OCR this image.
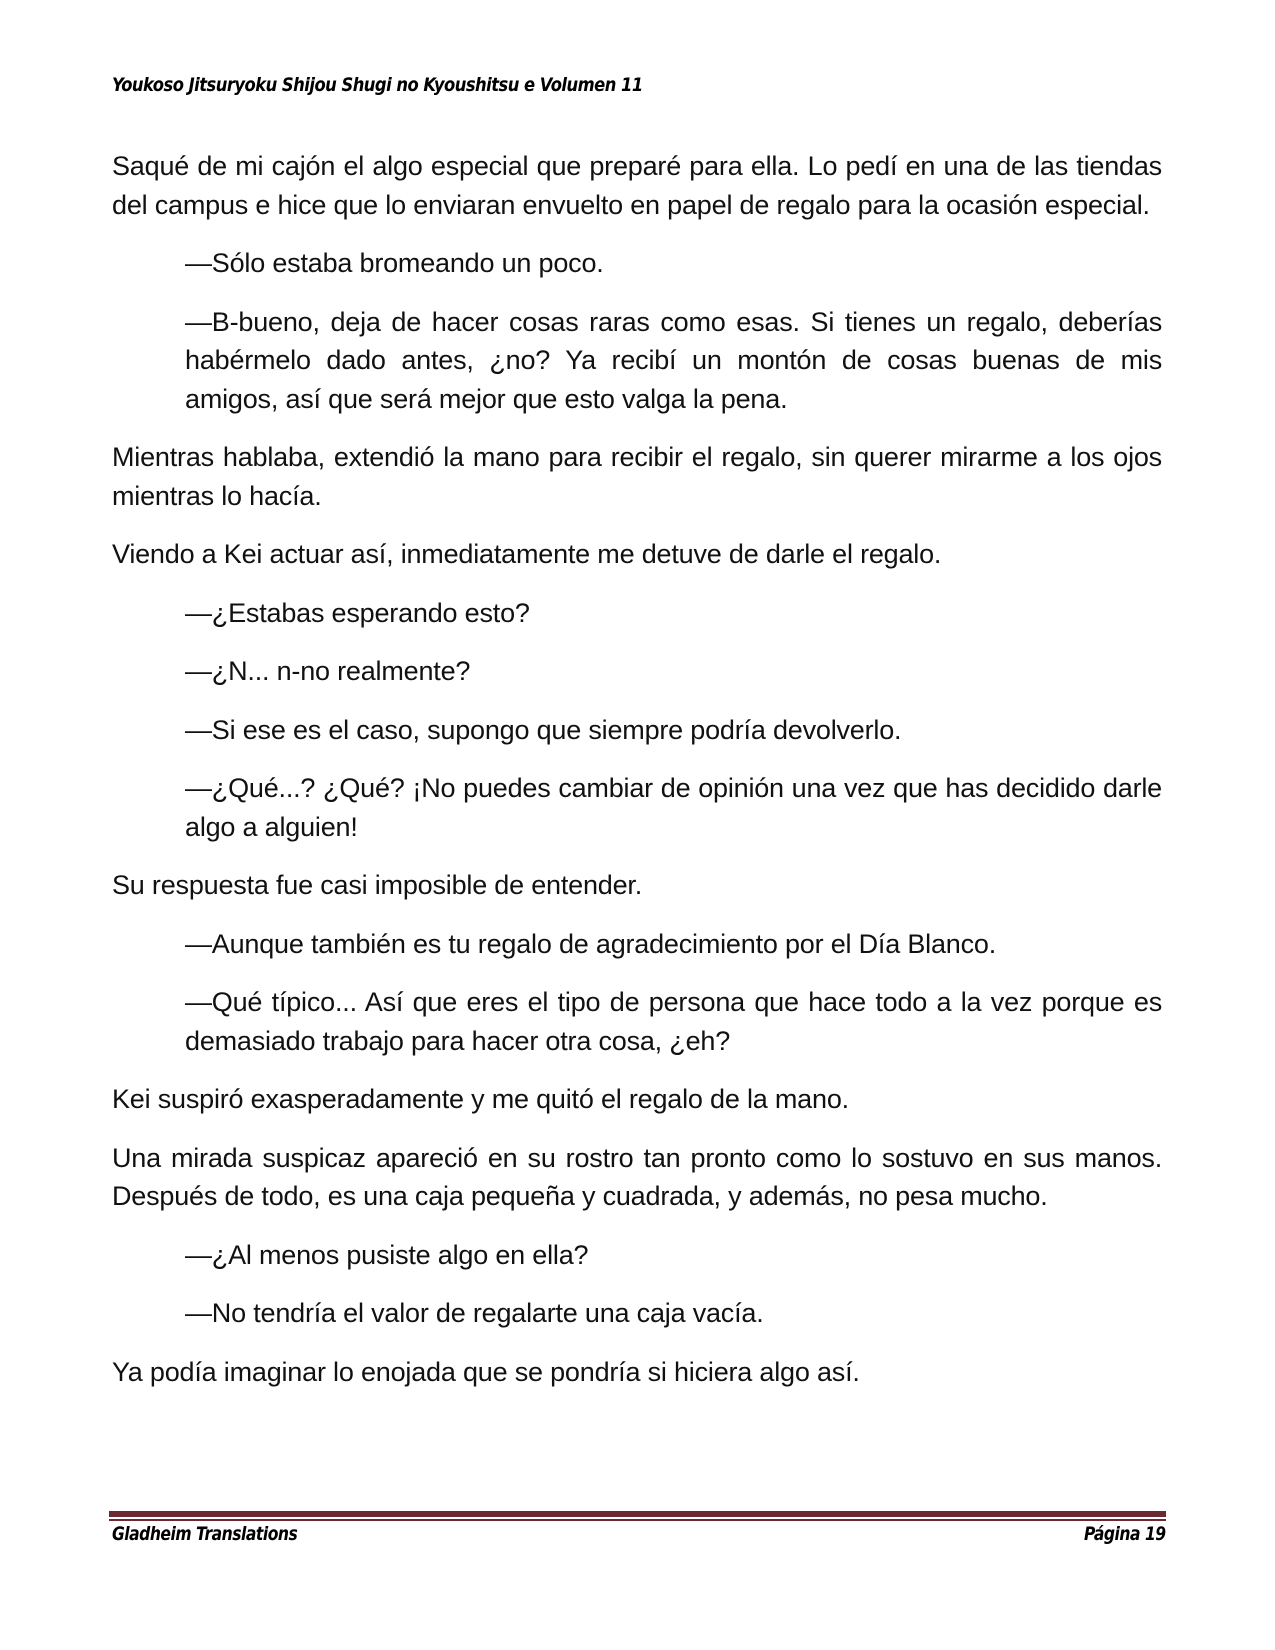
Youkoso Jitsuryoku Shijou Shugi no Kyoushitsu e Volumen 11

Saqué de mi cajón el algo especial que preparé para ella. Lo pedí en una de las tiendas del campus e hice que lo enviaran envuelto en papel de regalo para la ocasión especial.

—Sólo estaba bromeando un poco.

—B-bueno, deja de hacer cosas raras como esas. Si tienes un regalo, deberías habérmelo dado antes, ¿no? Ya recibí un montón de cosas buenas de mis amigos, así que será mejor que esto valga la pena.

Mientras hablaba, extendió la mano para recibir el regalo, sin querer mirarme a los ojos mientras lo hacía.

Viendo a Kei actuar así, inmediatamente me detuve de darle el regalo.

—¿Estabas esperando esto?

—¿N... n-no realmente?

—Si ese es el caso, supongo que siempre podría devolverlo.

—¿Qué...? ¿Qué? ¡No puedes cambiar de opinión una vez que has decidido darle algo a alguien!

Su respuesta fue casi imposible de entender.

—Aunque también es tu regalo de agradecimiento por el Día Blanco.

—Qué típico... Así que eres el tipo de persona que hace todo a la vez porque es demasiado trabajo para hacer otra cosa, ¿eh?

Kei suspiró exasperadamente y me quitó el regalo de la mano.

Una mirada suspicaz apareció en su rostro tan pronto como lo sostuvo en sus manos. Después de todo, es una caja pequeña y cuadrada, y además, no pesa mucho.

—¿Al menos pusiste algo en ella?

—No tendría el valor de regalarte una caja vacía.

Ya podía imaginar lo enojada que se pondría si hiciera algo así.

Gladheim Translations	Página 19
